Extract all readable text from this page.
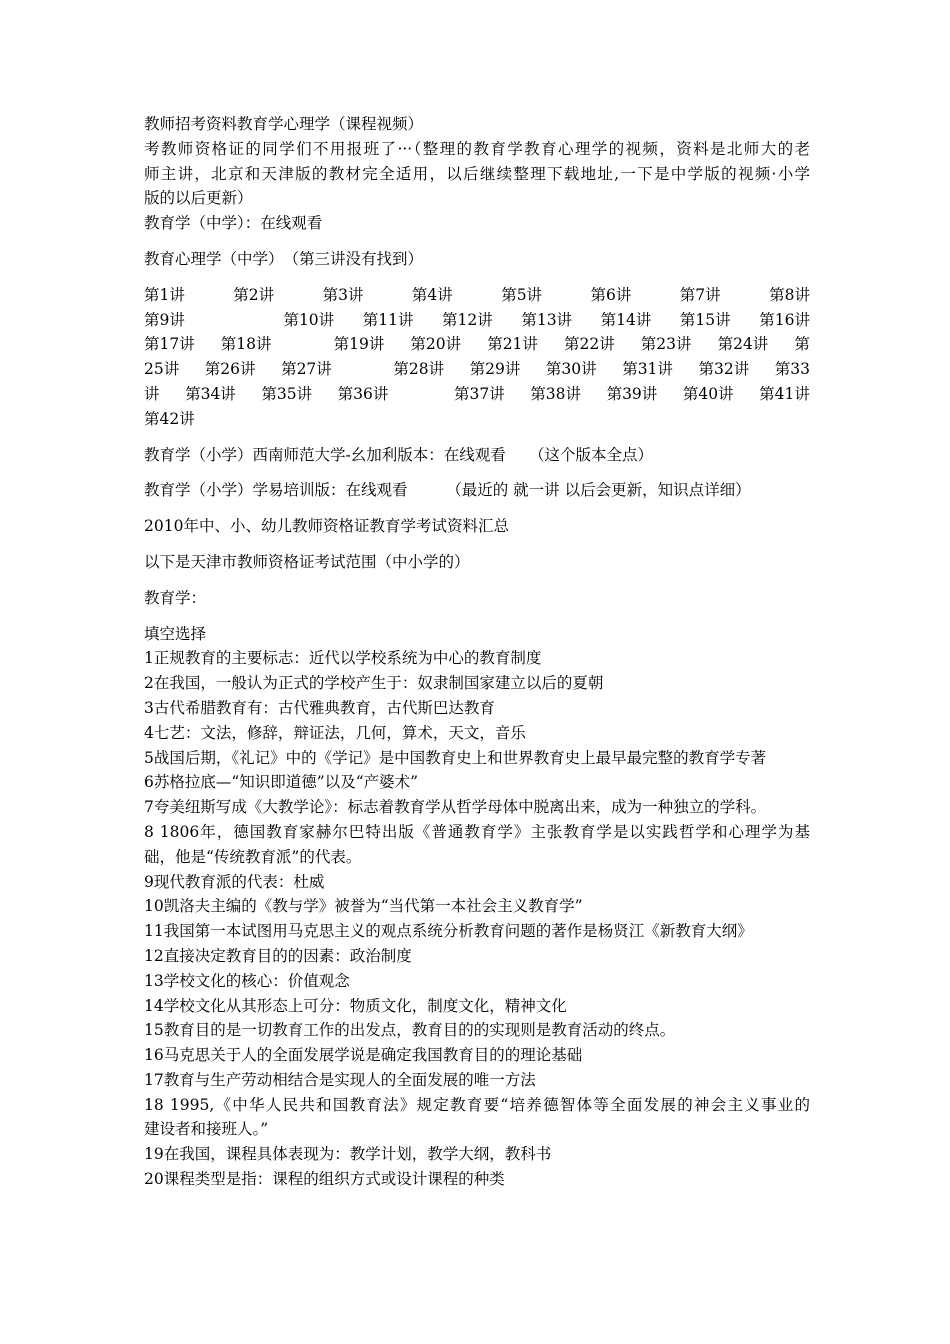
教师招考资料教育学心理学（课程视频）
考教师资格证的同学们不用报班了···（整理的教育学教育心理学的视频，资料是北师大的老
师主讲，北京和天津版的教材完全适用，以后继续整理下载地址,一下是中学版的视频·小学
版的以后更新）
教育学（中学）：在线观看
教育心理学（中学）　（第三讲没有找到）
第1讲	第2讲	第3讲	第4讲	第5讲	第6讲	第7讲	第8讲
第9讲	第10讲 第11讲 第12讲 第13讲 第14讲 第15讲 第16讲
第17讲 第18讲	第19讲 第20讲 第21讲 第22讲 第23讲 第24讲 第
25讲 第26讲 第27讲	第28讲 第29讲 第30讲 第31讲 第32讲 第33
讲 第34讲 第35讲 第36讲	第37讲 第38讲 第39讲 第40讲 第41讲
第42讲
教育学（小学）西南师范大学-幺加利版本：在线观看　　（这个版本全点）
教育学（小学）学易培训版：在线观看　　　（最近的 就一讲 以后会更新，知识点详细）
2010年中、小、幼儿教师资格证教育学考试资料汇总
以下是天津市教师资格证考试范围（中小学的）
教育学：
填空选择
1正规教育的主要标志：近代以学校系统为中心的教育制度
2在我国，一般认为正式的学校产生于：奴隶制国家建立以后的夏朝
3古代希腊教育有：古代雅典教育，古代斯巴达教育
4七艺：文法，修辞，辩证法，几何，算术，天文，音乐
5战国后期，《礼记》中的《学记》是中国教育史上和世界教育史上最早最完整的教育学专著
6苏格拉底—“知识即道德”以及“产婆术”
7夸美纽斯写成《大教学论》：标志着教育学从哲学母体中脱离出来，成为一种独立的学科。
8 1806年，德国教育家赫尔巴特出版《普通教育学》主张教育学是以实践哲学和心理学为基
础，他是“传统教育派”的代表。
9现代教育派的代表：杜威
10凯洛夫主编的《教与学》被誉为“当代第一本社会主义教育学”
11我国第一本试图用马克思主义的观点系统分析教育问题的著作是杨贤江《新教育大纲》
12直接决定教育目的的因素：政治制度
13学校文化的核心：价值观念
14学校文化从其形态上可分：物质文化，制度文化，精神文化
15教育目的是一切教育工作的出发点，教育目的的实现则是教育活动的终点。
16马克思关于人的全面发展学说是确定我国教育目的的理论基础
17教育与生产劳动相结合是实现人的全面发展的唯一方法
18 1995,《中华人民共和国教育法》规定教育要“培养德智体等全面发展的神会主义事业的
建设者和接班人。”
19在我国，课程具体表现为：教学计划，教学大纲，教科书
20课程类型是指：课程的组织方式或设计课程的种类
